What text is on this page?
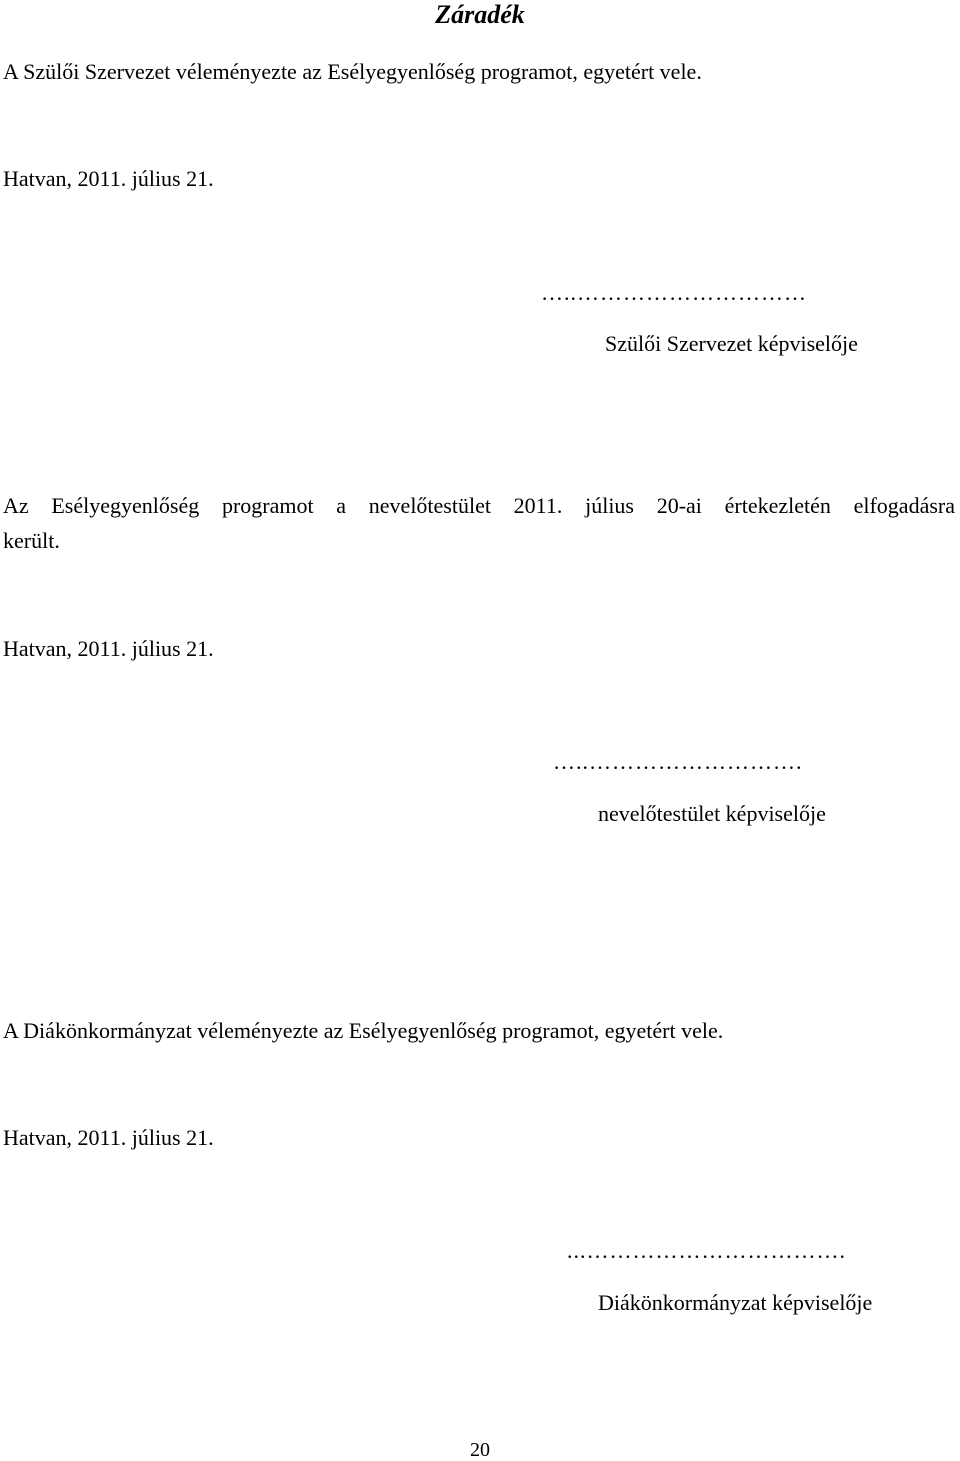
Záradék
A Szülői Szervezet véleményezte az Esélyegyenlőség programot, egyetért vele.
Hatvan, 2011. július 21.
…..…………………………
Szülői Szervezet képviselője
Az Esélyegyenlőség programot a nevelőtestület 2011. július 20-ai értekezletén elfogadásra
került.
Hatvan, 2011. július 21.
…..……………………….
nevelőtestület képviselője
A Diákönkormányzat véleményezte az Esélyegyenlőség programot, egyetért vele.
Hatvan, 2011. július 21.
...…………………………….
Diákönkormányzat képviselője
20
